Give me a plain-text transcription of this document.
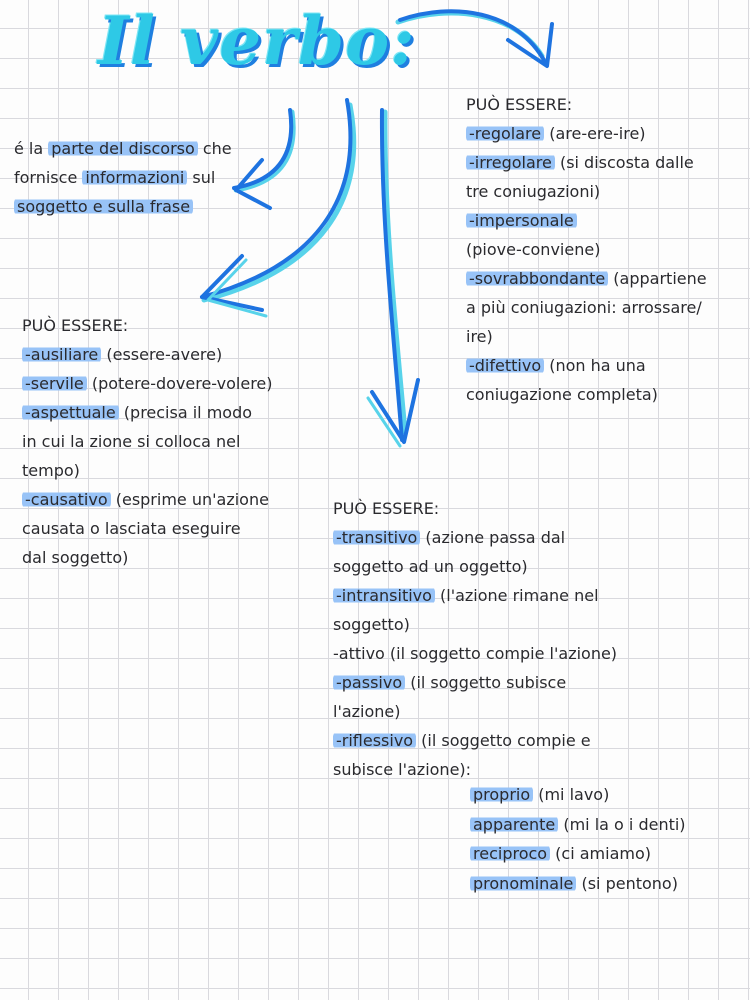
Il verbo:
é la parte del discorso che
fornisce informazioni sul
soggetto e sulla frase
PUÒ ESSERE:
-ausiliare (essere-avere)
-servile (potere-dovere-volere)
-aspettuale (precisa il modo
in cui la zione si colloca nel
tempo)
-causativo (esprime un'azione
causata o lasciata eseguire
dal soggetto)
PUÒ ESSERE:
-regolare (are-ere-ire)
-irregolare (si discosta dalle
tre coniugazioni)
-impersonale
(piove-conviene)
-sovrabbondante (appartiene
a più coniugazioni: arrossare/
ire)
-difettivo (non ha una
coniugazione completa)
PUÒ ESSERE:
-transitivo (azione passa dal
soggetto ad un oggetto)
-intransitivo (l'azione rimane nel
soggetto)
-attivo (il soggetto compie l'azione)
-passivo (il soggetto subisce
l'azione)
-riflessivo (il soggetto compie e
subisce l'azione):
proprio (mi lavo)
apparente (mi la o i denti)
reciproco (ci amiamo)
pronominale (si pentono)
